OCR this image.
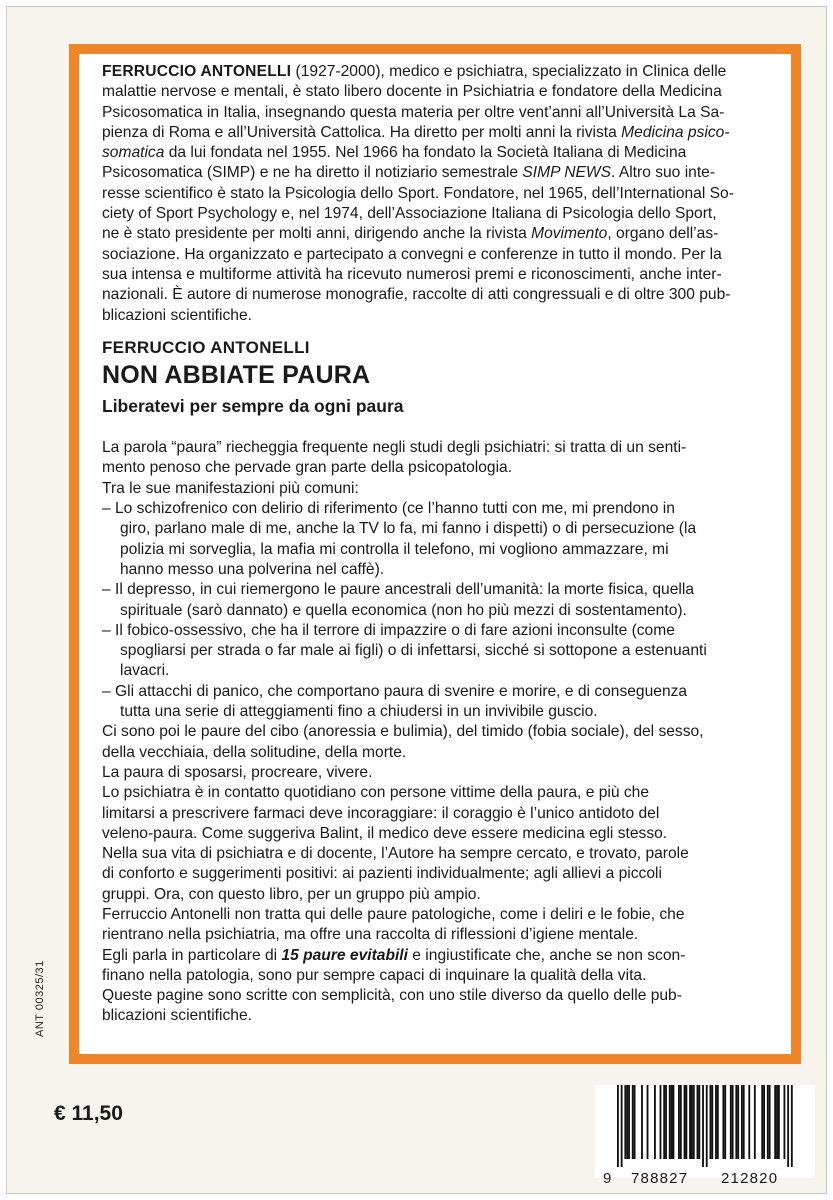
FERRUCCIO ANTONELLI (1927-2000), medico e psichiatra, specializzato in Clinica delle
malattie nervose e mentali, è stato libero docente in Psichiatria e fondatore della Medicina
Psicosomatica in Italia, insegnando questa materia per oltre vent’anni all’Università La Sa-
pienza di Roma e all’Università Cattolica. Ha diretto per molti anni la rivista Medicina psico-
somatica da lui fondata nel 1955. Nel 1966 ha fondato la Società Italiana di Medicina
Psicosomatica (SIMP) e ne ha diretto il notiziario semestrale SIMP NEWS. Altro suo inte-
resse scientifico è stato la Psicologia dello Sport. Fondatore, nel 1965, dell’International So-
ciety of Sport Psychology e, nel 1974, dell’Associazione Italiana di Psicologia dello Sport,
ne è stato presidente per molti anni, dirigendo anche la rivista Movimento, organo dell’as-
sociazione. Ha organizzato e partecipato a convegni e conferenze in tutto il mondo. Per la
sua intensa e multiforme attività ha ricevuto numerosi premi e riconoscimenti, anche inter-
nazionali. È autore di numerose monografie, raccolte di atti congressuali e di oltre 300 pub-
blicazioni scientifiche.

FERRUCCIO ANTONELLI
NON ABBIATE PAURA
Liberatevi per sempre da ogni paura

La parola “paura” riecheggia frequente negli studi degli psichiatri: si tratta di un senti-
mento penoso che pervade gran parte della psicopatologia.

Tra le sue manifestazioni più comuni:

– Lo schizofrenico con delirio di riferimento (ce l’hanno tutti con me, mi prendono in
giro, parlano male di me, anche la TV lo fa, mi fanno i dispetti) o di persecuzione (la
polizia mi sorveglia, la mafia mi controlla il telefono, mi vogliono ammazzare, mi
hanno messo una polverina nel caffè).

– Il depresso, in cui riemergono le paure ancestrali dell’umanità: la morte fisica, quella
spirituale (sarò dannato) e quella economica (non ho più mezzi di sostentamento).

– Il fobico-ossessivo, che ha il terrore di impazzire o di fare azioni inconsulte (come
spogliarsi per strada o far male ai figli) o di infettarsi, sicché si sottopone a estenuanti
lavacri.

– Gli attacchi di panico, che comportano paura di svenire e morire, e di conseguenza
tutta una serie di atteggiamenti fino a chiudersi in un invivibile guscio.

Ci sono poi le paure del cibo (anoressia e bulimia), del timido (fobia sociale), del sesso,
della vecchiaia, della solitudine, della morte.

La paura di sposarsi, procreare, vivere.

Lo psichiatra è in contatto quotidiano con persone vittime della paura, e più che
limitarsi a prescrivere farmaci deve incoraggiare: il coraggio è l’unico antidoto del
veleno-paura. Come suggeriva Balint, il medico deve essere medicina egli stesso.

Nella sua vita di psichiatra e di docente, l’Autore ha sempre cercato, e trovato, parole
di conforto e suggerimenti positivi: ai pazienti individualmente; agli allievi a piccoli
gruppi. Ora, con questo libro, per un gruppo più ampio.

Ferruccio Antonelli non tratta qui delle paure patologiche, come i deliri e le fobie, che
rientrano nella psichiatria, ma offre una raccolta di riflessioni d’igiene mentale.

Egli parla in particolare di 15 paure evitabili e ingiustificate che, anche se non scon-
finano nella patologia, sono pur sempre capaci di inquinare la qualità della vita.

Queste pagine sono scritte con semplicità, con uno stile diverso da quello delle pub-
blicazioni scientifiche.

ANT 00325/31
€ 11,50
9 788827 212820
